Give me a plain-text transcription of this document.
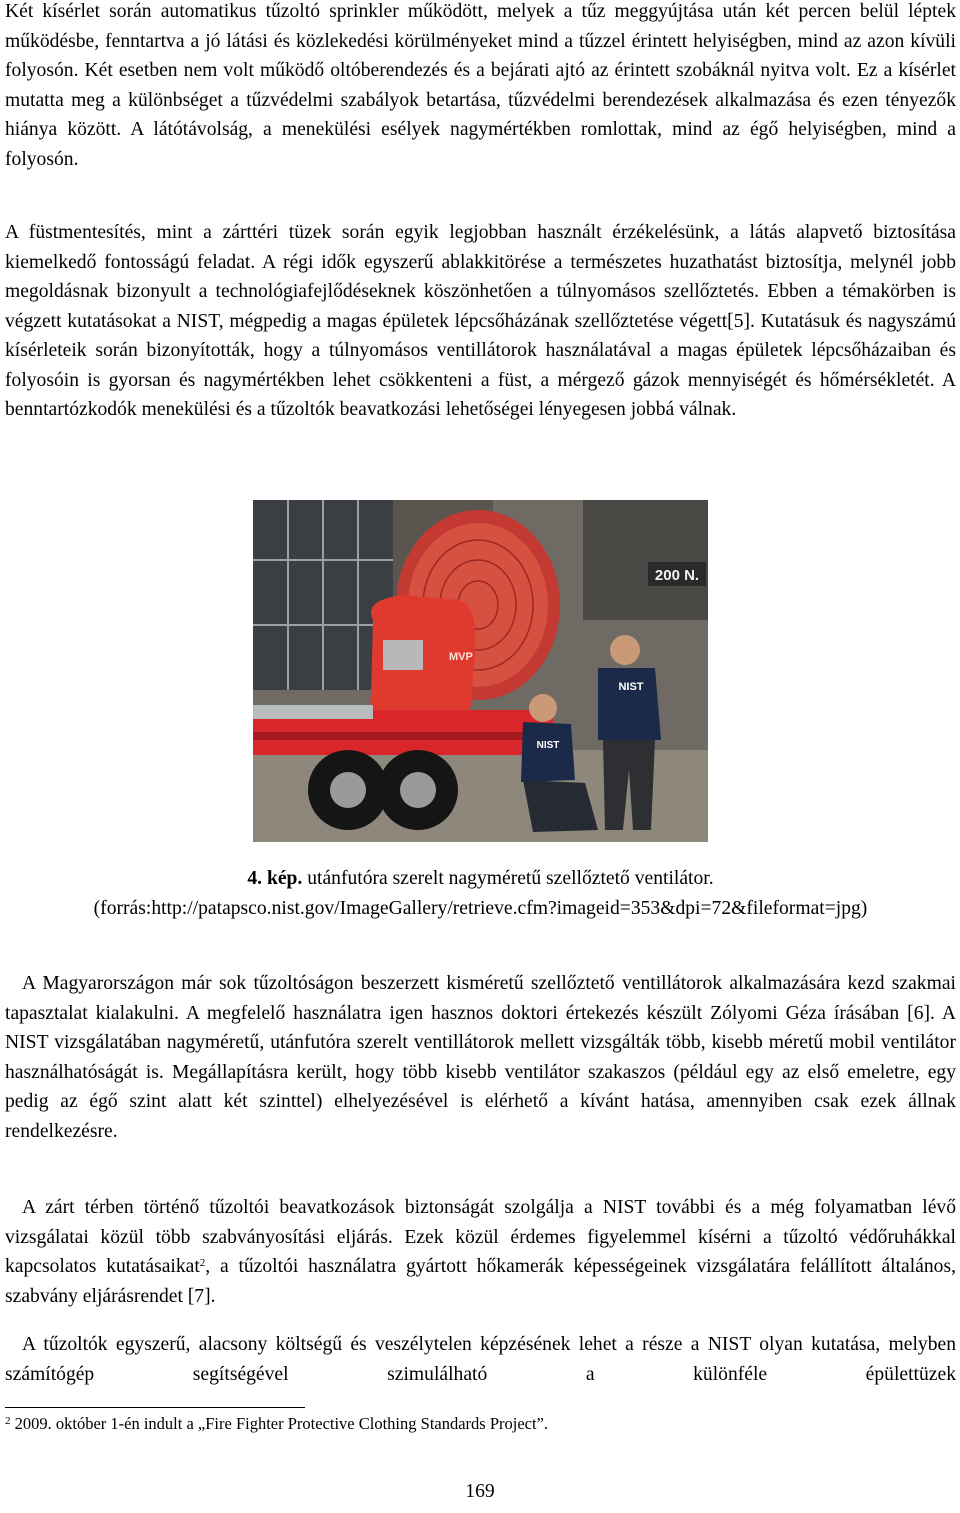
Két kísérlet során automatikus tűzoltó sprinkler működött, melyek a tűz meggyújtása után két percen belül léptek működésbe, fenntartva a jó látási és közlekedési körülményeket mind a tűzzel érintett helyiségben, mind az azon kívüli folyosón. Két esetben nem volt működő oltóberendezés és a bejárati ajtó az érintett szobáknál nyitva volt. Ez a kísérlet mutatta meg a különbséget a tűzvédelmi szabályok betartása, tűzvédelmi berendezések alkalmazása és ezen tényezők hiánya között. A látótávolság, a menekülési esélyek nagymértékben romlottak, mind az égő helyiségben, mind a folyosón.

A füstmentesítés, mint a zárttéri tüzek során egyik legjobban használt érzékelésünk, a látás alapvető biztosítása kiemelkedő fontosságú feladat. A régi idők egyszerű ablakkitörése a természetes huzathatást biztosítja, melynél jobb megoldásnak bizonyult a technológiafejlődéseknek köszönhetően a túlnyomásos szellőztetés. Ebben a témakörben is végzett kutatásokat a NIST, mégpedig a magas épületek lépcsőházának szellőztetése végett[5]. Kutatásuk és nagyszámú kísérleteik során bizonyították, hogy a túlnyomásos ventillátorok használatával a magas épületek lépcsőházaiban és folyosóin is gyorsan és nagymértékben lehet csökkenteni a füst, a mérgező gázok mennyiségét és hőmérsékletét. A benntartózkodók menekülési és a tűzoltók beavatkozási lehetőségei lényegesen jobbá válnak.

200 N.
MVP
NIST
NIST

4. kép. utánfutóra szerelt nagyméretű szellőztető ventilátor.
(forrás:http://patapsco.nist.gov/ImageGallery/retrieve.cfm?imageid=353&dpi=72&fileformat=jpg)

A Magyarországon már sok tűzoltóságon beszerzett kisméretű szellőztető ventillátorok alkalmazására kezd szakmai tapasztalat kialakulni. A megfelelő használatra igen hasznos doktori értekezés készült Zólyomi Géza írásában [6]. A NIST vizsgálatában nagyméretű, utánfutóra szerelt ventillátorok mellett vizsgálták több, kisebb méretű mobil ventilátor használhatóságát is. Megállapításra került, hogy több kisebb ventilátor szakaszos (például egy az első emeletre, egy pedig az égő szint alatt két szinttel) elhelyezésével is elérhető a kívánt hatása, amennyiben csak ezek állnak rendelkezésre.

A zárt térben történő tűzoltói beavatkozások biztonságát szolgálja a NIST további és a még folyamatban lévő vizsgálatai közül több szabványosítási eljárás. Ezek közül érdemes figyelemmel kísérni a tűzoltó védőruhákkal kapcsolatos kutatásaikat$^2$, a tűzoltói használatra gyártott hőkamerák képességeinek vizsgálatára felállított általános, szabvány eljárásrendet [7].

A tűzoltók egyszerű, alacsony költségű és veszélytelen képzésének lehet a része a NIST olyan kutatása, melyben számítógép segítségével szimulálható a különféle épülettüzek

$^2$ 2009. október 1-én indult a „Fire Fighter Protective Clothing Standards Project”.

169
